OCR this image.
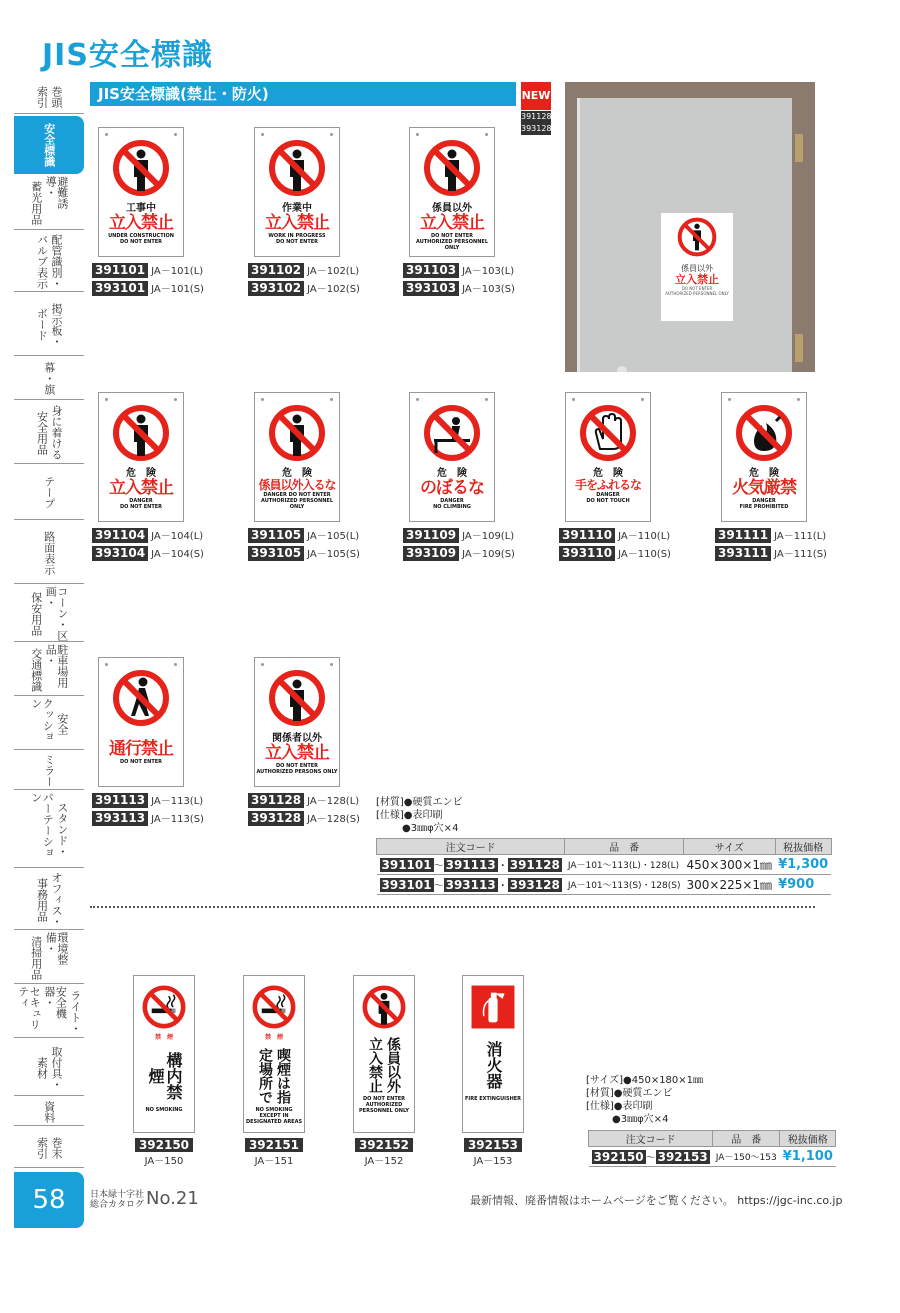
JIS安全標識
巻頭
索引
安全標識
避難誘導・
蓄光用品
配管識別・
バルブ表示
掲示板・
ボード
幕・旗
身に着ける
安全用品
テープ
路面表示
コーン・区画・
保安用品
駐車場用品・
交通標識
安全
クッション
ミラー
スタンド・
パーテーション
オフィス・
事務用品
環境整備・
清掃用品
ライト・
安全機器・
セキュリティ
取付具・
素材
資料
巻末
索引
JIS安全標識(禁止・防火)	NEW
391128
393128
係員以外
立入禁止
DO NOT ENTER
AUTHORIZED PERSONNEL ONLY
工事中
立入禁止
UNDER CONSTRUCTION
DO NOT ENTER
391101 JA－101(L)
393101 JA－101(S)
作業中
立入禁止
WORK IN PROGRESS
DO NOT ENTER
391102 JA－102(L)
393102 JA－102(S)
係員以外
立入禁止
DO NOT ENTER
AUTHORIZED PERSONNEL ONLY
391103 JA－103(L)
393103 JA－103(S)
危　険
立入禁止
DANGER
DO NOT ENTER
391104 JA－104(L)
393104 JA－104(S)
危　険
係員以外入るな
DANGER DO NOT ENTER
AUTHORIZED PERSONNEL ONLY
391105 JA－105(L)
393105 JA－105(S)
危　険
のぼるな
DANGER
NO CLIMBING
391109 JA－109(L)
393109 JA－109(S)
危　険
手をふれるな
DANGER
DO NOT TOUCH
391110 JA－110(L)
393110 JA－110(S)
危　険
火気厳禁
DANGER
FIRE PROHIBITED
391111 JA－111(L)
393111 JA－111(S)
通行禁止
DO NOT ENTER
391113 JA－113(L)
393113 JA－113(S)
関係者以外
立入禁止
DO NOT ENTER
AUTHORIZED PERSONS ONLY
391128 JA－128(L)
393128 JA－128(S)
[材質]●硬質エンビ
[仕様]●表印刷
●3㎜φ穴×4
注文コード	品　番	サイズ	税抜価格
391101 ～ 391113 ・ 391128	JA－101～113(L)・128(L)	450×300×1㎜	¥1,300
393101 ～ 393113 ・ 393128	JA－101～113(S)・128(S)	300×225×1㎜	¥900
禁　煙
構内禁煙
NO SMOKING
392150
JA－150
禁　煙
喫煙は指定場所で
NO SMOKING
EXCEPT IN DESIGNATED AREAS
392151
JA－151
係員以外立入禁止
DO NOT ENTER
AUTHORIZED PERSONNEL ONLY
392152
JA－152
消火器
FIRE EXTINGUISHER
392153
JA－153
[サイズ]●450×180×1㎜
[材質]●硬質エンビ
[仕様]●表印刷
●3㎜φ穴×4
注文コード	品　番	税抜価格
392150 ～ 392153	JA－150～153	¥1,100
58	日本緑十字社
総合カタログ No.21	最新情報、廃番情報はホームページをご覧ください。 https://jgc-inc.co.jp
